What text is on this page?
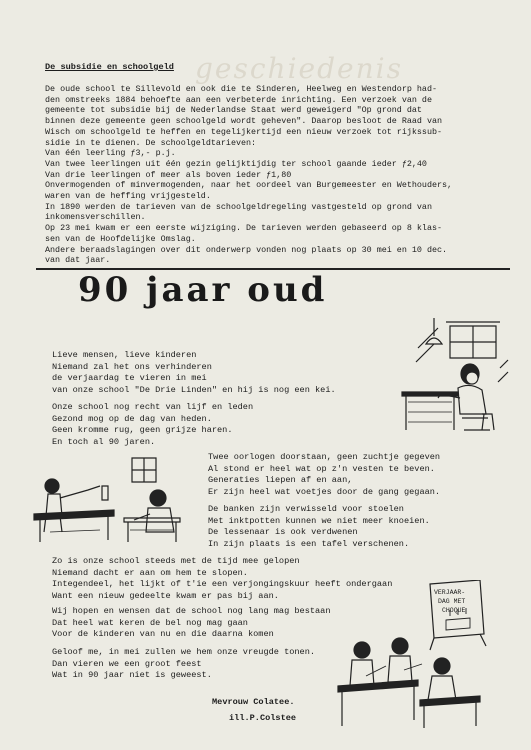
geschiedenis
De subsidie en schoolgeld
De oude school te Sillevold en ook die te Sinderen, Heelweg en Westendorp had-
den omstreeks 1884 behoefte aan een verbeterde inrichting. Een verzoek van de
gemeente tot subsidie bij de Nederlandse Staat werd geweigerd "Op grond dat
binnen deze gemeente geen schoolgeld wordt geheven". Daarop besloot de Raad van
Wisch om schoolgeld te heffen en tegelijkertijd een nieuw verzoek tot rijkssub-
sidie in te dienen. De schoolgeldtarieven:
Van één leerling ƒ3,- p.j.
Van twee leerlingen uit één gezin gelijktijdig ter school gaande ieder ƒ2,40
Van drie leerlingen of meer als boven ieder ƒ1,80
Onvermogenden of minvermogenden, naar het oordeel van Burgemeester en Wethouders,
waren van de heffing vrijgesteld.
In 1890 werden de tarieven van de schoolgeldregeling vastgesteld op grond van
inkomensverschillen.
Op 23 mei kwam er een eerste wijziging. De tarieven werden gebaseerd op 8 klas-
sen van de Hoofdelijke Omslag.
Andere beraadslagingen over dit onderwerp vonden nog plaats op 30 mei en 10 dec.
van dat jaar.
90 jaar oud
Lieve mensen, lieve kinderen
Niemand zal het ons verhinderen
de verjaardag te vieren in mei
van onze school "De Drie Linden" en hij is nog een kei.
Onze school nog recht van lijf en leden
Gezond mog op de dag van heden.
Geen kromme rug, geen grijze haren.
En toch al 90 jaren.
Twee oorlogen doorstaan, geen zuchtje gegeven
Al stond er heel wat op z'n vesten te beven.
Generaties liepen af en aan,
Er zijn heel wat voetjes door de gang gegaan.
De banken zijn verwisseld voor stoelen
Met inktpotten kunnen we niet meer knoeien.
De lessenaar is ook verdwenen
In zijn plaats is een tafel verschenen.
Zo is onze school steeds met de tijd mee gelopen
Niemand dacht er aan om hem te slopen.
Integendeel, het lijkt of t'ie een verjongingskuur heeft ondergaan
Want een nieuw gedeelte kwam er pas bij aan.
Wij hopen en wensen dat de school nog lang mag bestaan
Dat heel wat keren de bel nog mag gaan
Voor de kinderen van nu en die daarna komen
Geloof me, in mei zullen we hem onze vreugde tonen.
Dan vieren we een groot feest
Wat in 90 jaar niet is geweest.
Mevrouw Colatee.
ill.P.Colstee
VERJAAR-
DAG MET
CHOQUE
